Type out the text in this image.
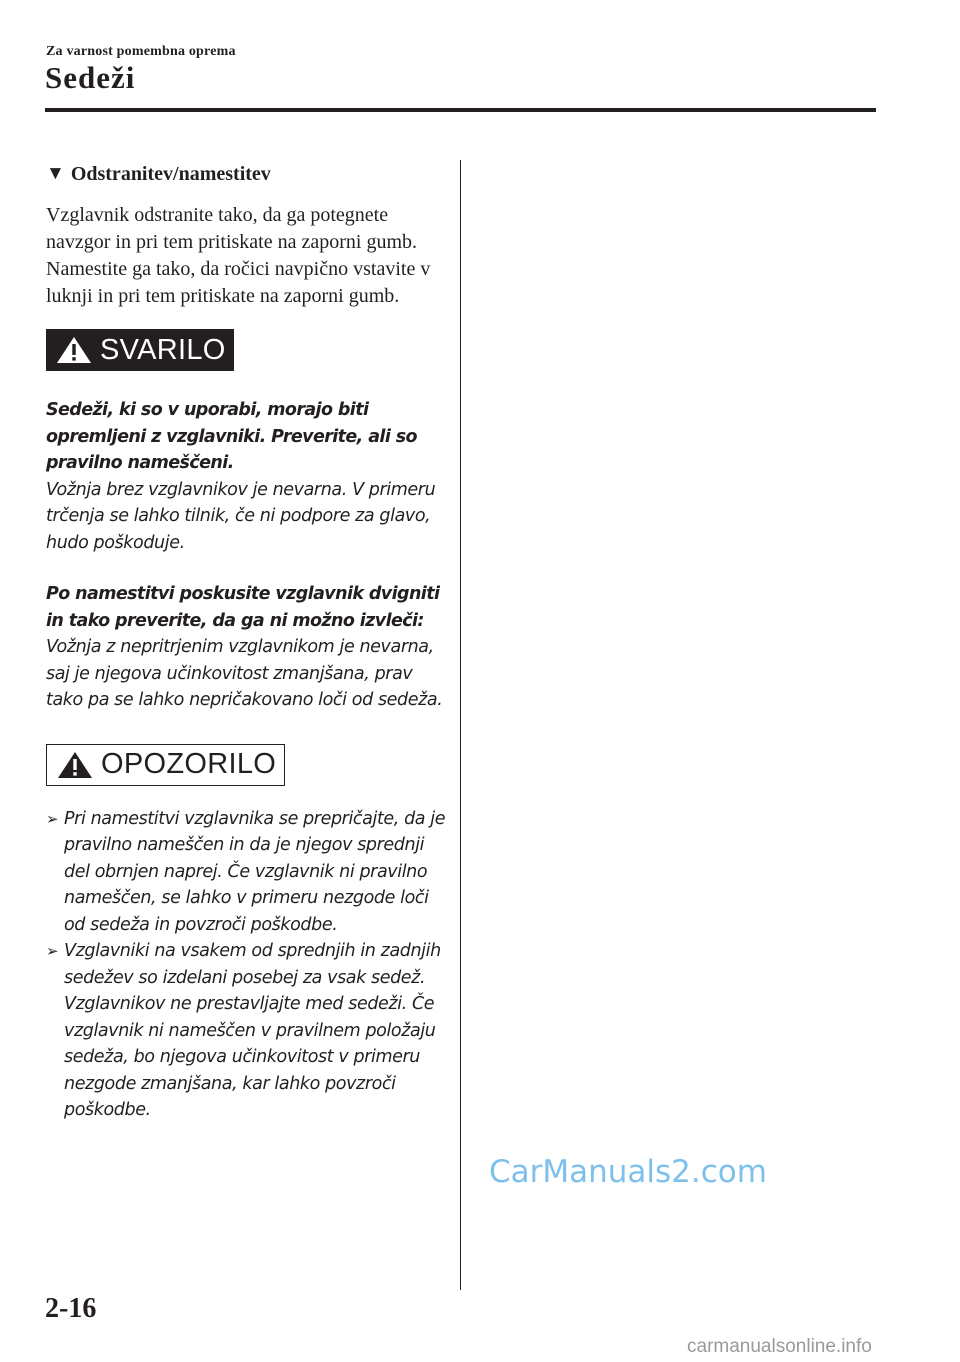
Za varnost pomembna oprema
Sedeži
▼ Odstranitev/namestitev

Vzglavnik odstranite tako, da ga potegnete navzgor in pri tem pritiskate na zaporni gumb.

Namestite ga tako, da ročici navpično vstavite v luknji in pri tem pritiskate na zaporni gumb.

SVARILO

Sedeži, ki so v uporabi, morajo biti opremljeni z vzglavniki. Preverite, ali so pravilno nameščeni.

Vožnja brez vzglavnikov je nevarna. V primeru trčenja se lahko tilnik, če ni podpore za glavo, hudo poškoduje.

Po namestitvi poskusite vzglavnik dvigniti in tako preverite, da ga ni možno izvleči:

Vožnja z nepritrjenim vzglavnikom je nevarna, saj je njegova učinkovitost zmanjšana, prav tako pa se lahko nepričakovano loči od sedeža.

OPOZORILO
➢ Pri namestitvi vzglavnika se prepričajte, da je pravilno nameščen in da je njegov sprednji del obrnjen naprej. Če vzglavnik ni pravilno nameščen, se lahko v primeru nezgode loči od sedeža in povzroči poškodbe.
➢ Vzglavniki na vsakem od sprednjih in zadnjih sedežev so izdelani posebej za vsak sedež. Vzglavnikov ne prestavljajte med sedeži. Če vzglavnik ni nameščen v pravilnem položaju sedeža, bo njegova učinkovitost v primeru nezgode zmanjšana, kar lahko povzroči poškodbe.
2-16
CarManuals2.com
carmanualsonline.info
